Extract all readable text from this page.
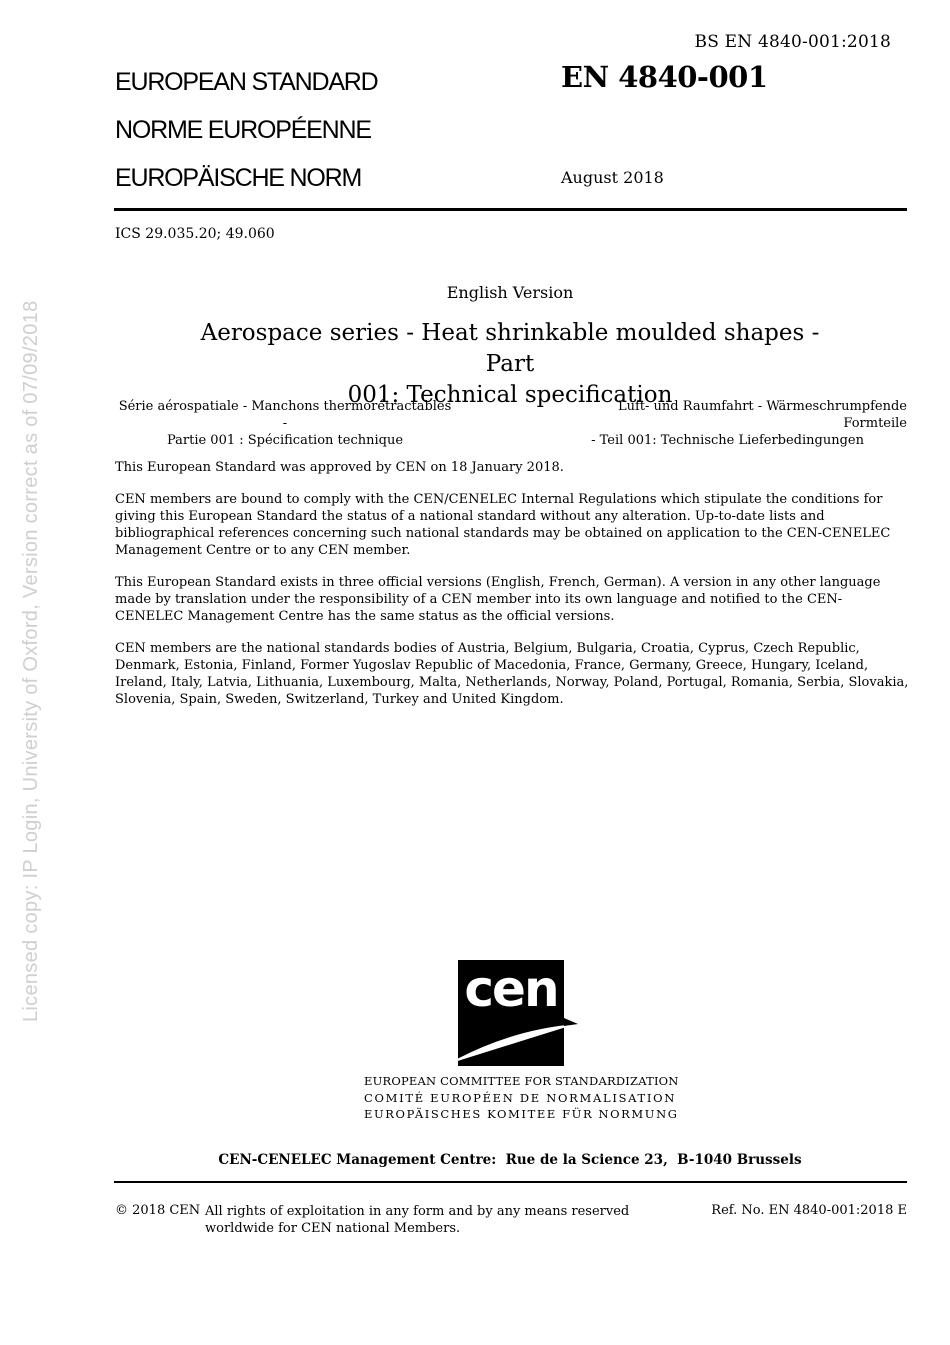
BS EN 4840-001:2018
EUROPEAN STANDARD
NORME EUROPÉENNE
EUROPÄISCHE NORM
EN 4840-001
August 2018
ICS 29.035.20; 49.060
English Version
Aerospace series - Heat shrinkable moulded shapes - Part
001: Technical specification
Série aérospatiale - Manchons thermorétractables -
Partie 001 : Spécification technique
Luft- und Raumfahrt - Wärmeschrumpfende Formteile
- Teil 001: Technische Lieferbedingungen

This European Standard was approved by CEN on 18 January 2018.

CEN members are bound to comply with the CEN/CENELEC Internal Regulations which stipulate the conditions for giving this European Standard the status of a national standard without any alteration. Up-to-date lists and bibliographical references concerning such national standards may be obtained on application to the CEN-CENELEC Management Centre or to any CEN member.

This European Standard exists in three official versions (English, French, German). A version in any other language made by translation under the responsibility of a CEN member into its own language and notified to the CEN-CENELEC Management Centre has the same status as the official versions.

CEN members are the national standards bodies of Austria, Belgium, Bulgaria, Croatia, Cyprus, Czech Republic, Denmark, Estonia, Finland, Former Yugoslav Republic of Macedonia, France, Germany, Greece, Hungary, Iceland, Ireland, Italy, Latvia, Lithuania, Luxembourg, Malta, Netherlands, Norway, Poland, Portugal, Romania, Serbia, Slovakia, Slovenia, Spain, Sweden, Switzerland, Turkey and United Kingdom.

Licensed copy: IP Login, University of Oxford, Version correct as of 07/09/2018	cen
EUROPEAN COMMITTEE FOR STANDARDIZATION
COMITÉ EUROPÉEN DE NORMALISATION
EUROPÄISCHES KOMITEE FÜR NORMUNG
CEN-CENELEC Management Centre:  Rue de la Science 23,  B-1040 Brussels
© 2018 CEN All rights of exploitation in any form and by any means reserved
worldwide for CEN national Members.
Ref. No. EN 4840-001:2018 E
